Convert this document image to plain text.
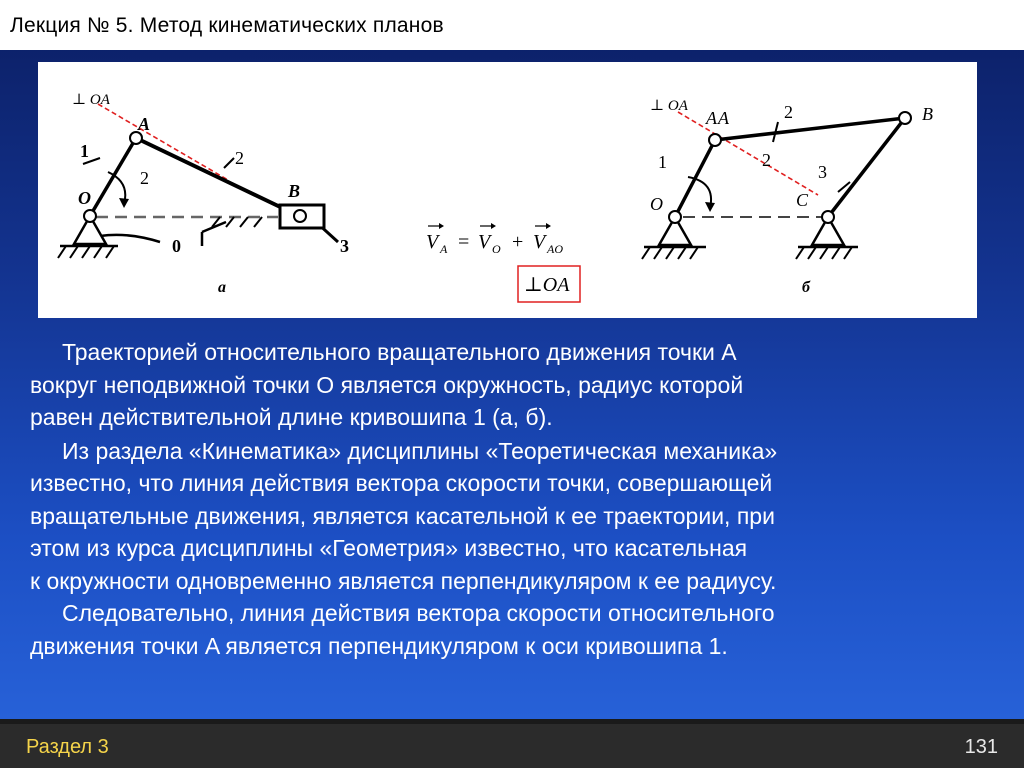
Лекция № 5. Метод кинематических планов
⊥ OA
A
O	B
1	2
2
3
0
а
V A = V O + V AO
⊥OA
⊥ OA
A A
O
B
C
1
2
2
3
б
Траекторией относительного вращательного движения точки A
вокруг неподвижной точки O является окружность, радиус которой
равен действительной длине кривошипа 1 (а, б).
Из раздела «Кинематика» дисциплины «Теоретическая механика»
известно, что линия действия вектора скорости точки, совершающей
вращательные движения, является касательной к ее траектории, при
этом из курса дисциплины «Геометрия» известно, что касательная
к окружности одновременно является перпендикуляром к ее радиусу.
Следовательно, линия действия вектора скорости относительного
движения точки A является перпендикуляром к оси кривошипа 1.
Раздел 3	131
